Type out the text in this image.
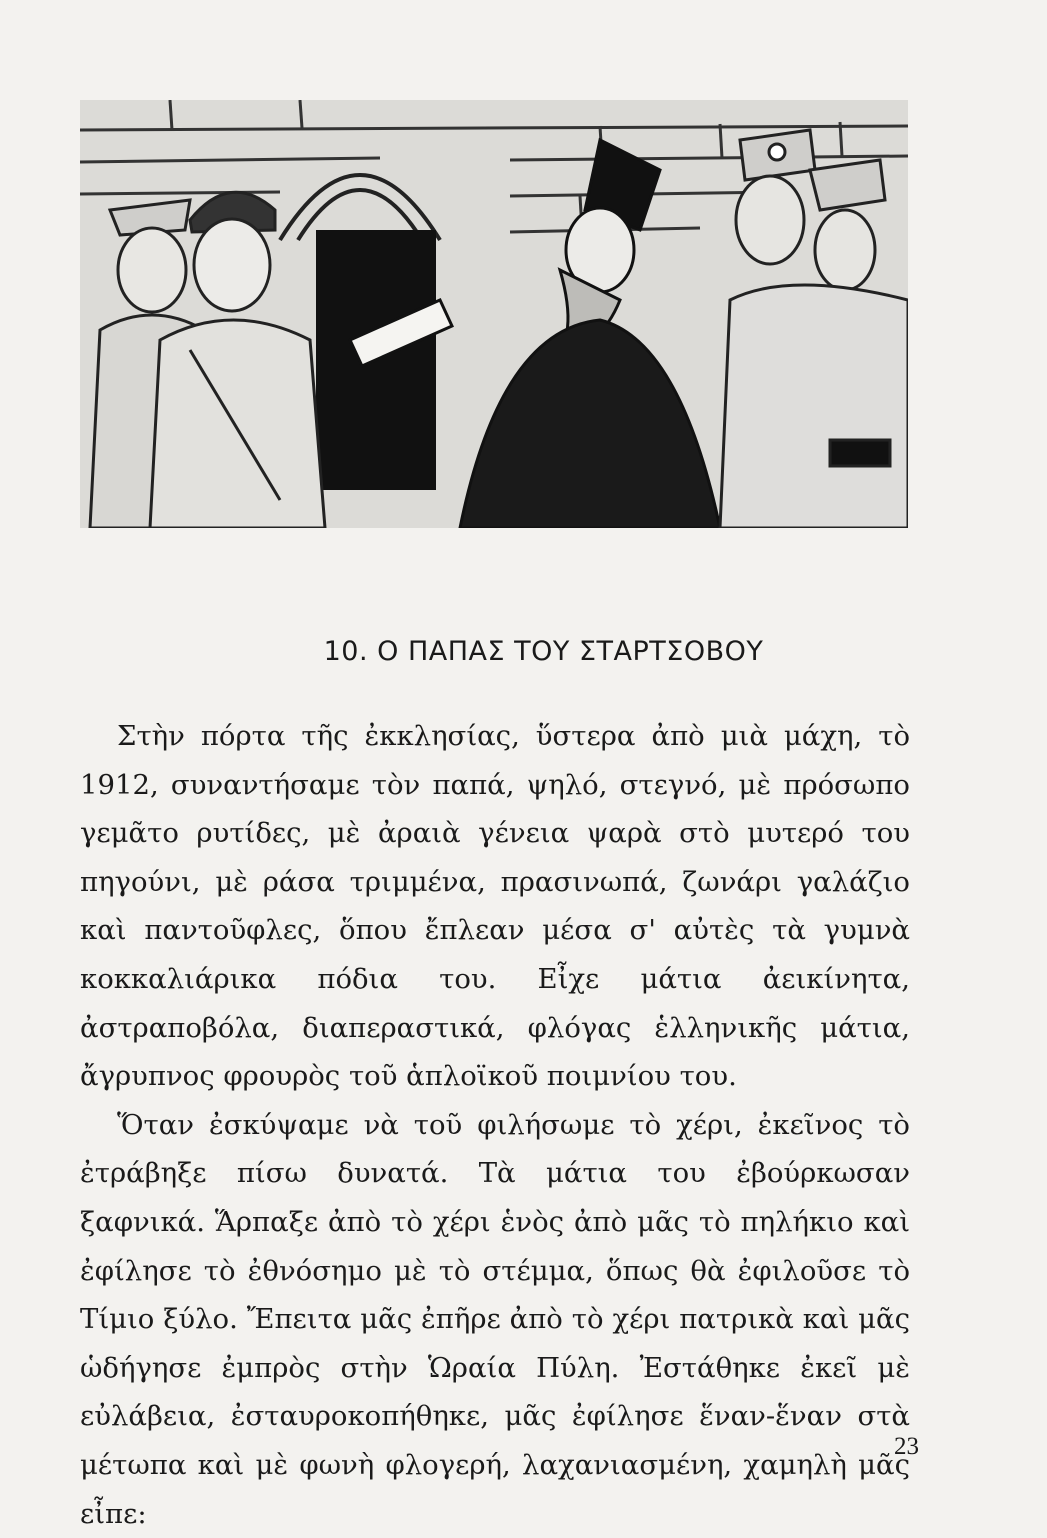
10. Ο ΠΑΠΑΣ ΤΟΥ ΣΤΑΡΤΣΟΒΟΥ

Στὴν πόρτα τῆς ἐκκλησίας, ὕστερα ἀπὸ μιὰ μάχη, τὸ 1912, συναντήσαμε τὸν παπά, ψηλό, στεγνό, μὲ πρόσωπο γεμᾶτο ρυτίδες, μὲ ἀραιὰ γένεια ψαρὰ στὸ μυτερό του πηγούνι, μὲ ράσα τριμμένα, πρασινωπά, ζωνάρι γαλάζιο καὶ παντοῦφλες, ὅπου ἔπλεαν μέσα σ' αὐτὲς τὰ γυμνὰ κοκκαλιάρικα πόδια του. Εἶχε μάτια ἀεικίνητα, ἀστραποβόλα, διαπεραστικά, φλόγας ἑλληνικῆς μάτια, ἄγρυπνος φρουρὸς τοῦ ἁπλοϊκοῦ ποιμνίου του.

Ὅταν ἐσκύψαμε νὰ τοῦ φιλήσωμε τὸ χέρι, ἐκεῖνος τὸ ἐτράβηξε πίσω δυνατά. Τὰ μάτια του ἐβούρκωσαν ξαφνικά. Ἅρπαξε ἀπὸ τὸ χέρι ἑνὸς ἀπὸ μᾶς τὸ πηλήκιο καὶ ἐφίλησε τὸ ἐθνόσημο μὲ τὸ στέμμα, ὅπως θὰ ἐφιλοῦσε τὸ Τίμιο ξύλο. Ἔπειτα μᾶς ἐπῆρε ἀπὸ τὸ χέρι πατρικὰ καὶ μᾶς ὡδήγησε ἐμπρὸς στὴν Ὡραία Πύλη. Ἐστάθηκε ἐκεῖ μὲ εὐλάβεια, ἐσταυροκοπήθηκε, μᾶς ἐφίλησε ἕναν-ἕναν στὰ μέτωπα καὶ μὲ φωνὴ φλογερή, λαχανιασμένη, χαμηλὴ μᾶς εἶπε:

23
